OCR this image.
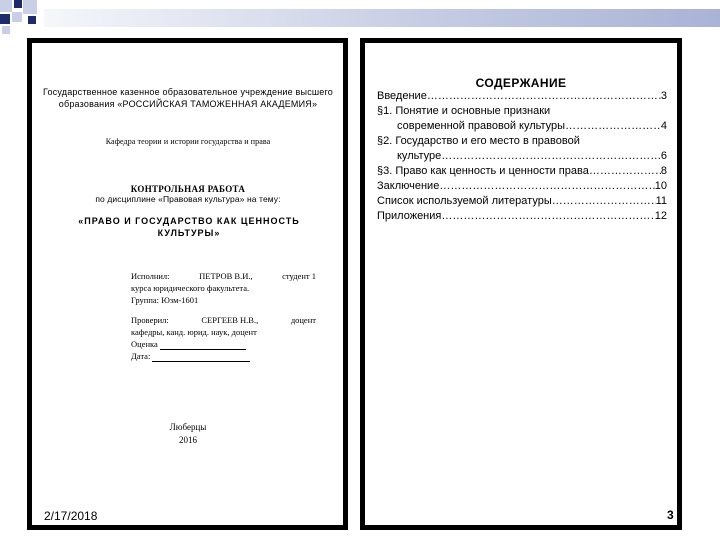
Государственное казенное образовательное учреждение высшего образования «РОССИЙСКАЯ ТАМОЖЕННАЯ АКАДЕМИЯ»
Кафедра теории и истории государства и права
КОНТРОЛЬНАЯ РАБОТА
по дисциплине «Правовая культура» на тему:
«ПРАВО И ГОСУДАРСТВО КАК ЦЕННОСТЬ КУЛЬТУРЫ»
Исполнил:	ПЕТРОВ В.И.,	студент 1
курса юридического факультета.
Группа: Юзм-1601
Проверил:	СЕРГЕЕВ Н.В.,	доцент
кафедры, канд. юрид. наук, доцент
Оценка
Дата:
Люберцы
2016
СОДЕРЖАНИЕ
Введение …………………………………………………………………………………………………………………………………………	3
§1. Понятие и основные признаки
современной правовой культуры …………………………………………………………………………………………………………………………………………	4
§2. Государство и его место в правовой
культуре …………………………………………………………………………………………………………………………………………	6
§3. Право как ценность и ценности права …………………………………………………………………………………………………………………………………………	8
Заключение …………………………………………………………………………………………………………………………………………	10
Список используемой литературы …………………………………………………………………………………………………………………………………………	11
Приложения …………………………………………………………………………………………………………………………………………	12
2/17/2018	3
